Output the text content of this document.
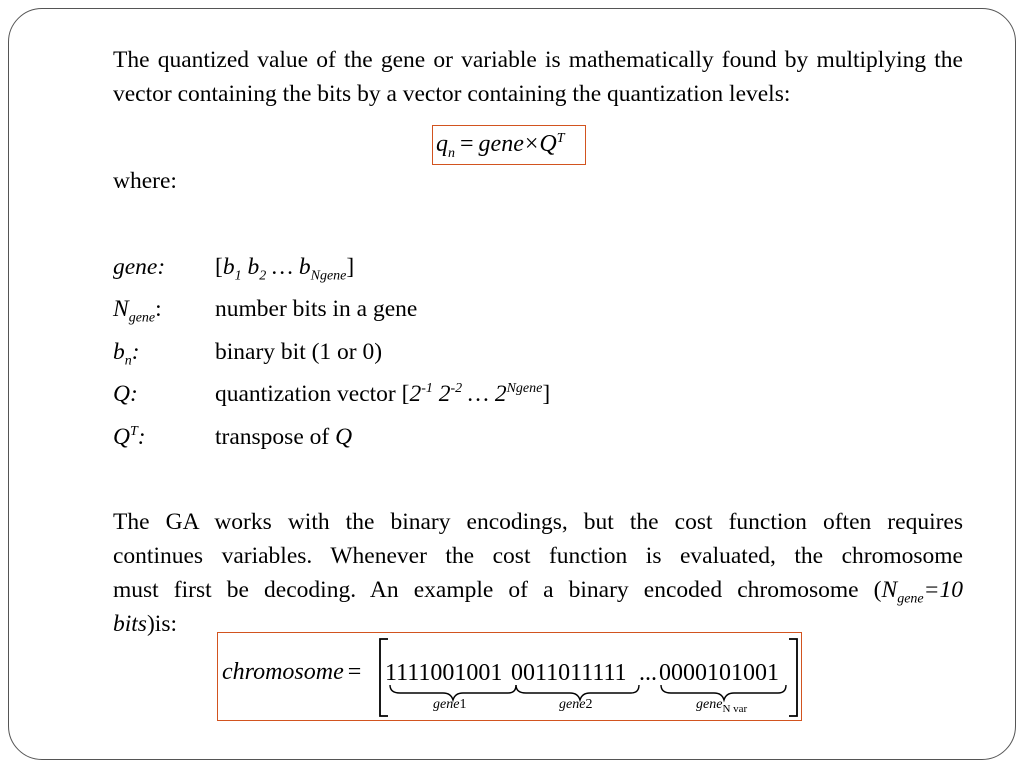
The quantized value of the gene or variable is mathematically found by multiplying the vector containing the bits by a vector containing the quantization levels:
$q_n$ = $gene\times Q^T$
where:
gene:	[$b_1$ $b_2$ … $b_{Ngene}$]
$N_{gene}$:	number bits in a gene
$b_n$:	binary bit (1 or 0)
Q:	quantization vector [$2^{-1}$ $2^{-2}$ … $2^{Ngene}$]
$Q^T$:	transpose of Q
The GA works with the binary encodings, but the cost function often requires
continues variables. Whenever the cost function is evaluated, the chromosome
must first be decoding. An example of a binary encoded chromosome ($N_{gene}=10$
bits)is:
chromosome = 1111001001 0011011111 ... 0000101001
gene1	gene2	gene$_{N var}$
